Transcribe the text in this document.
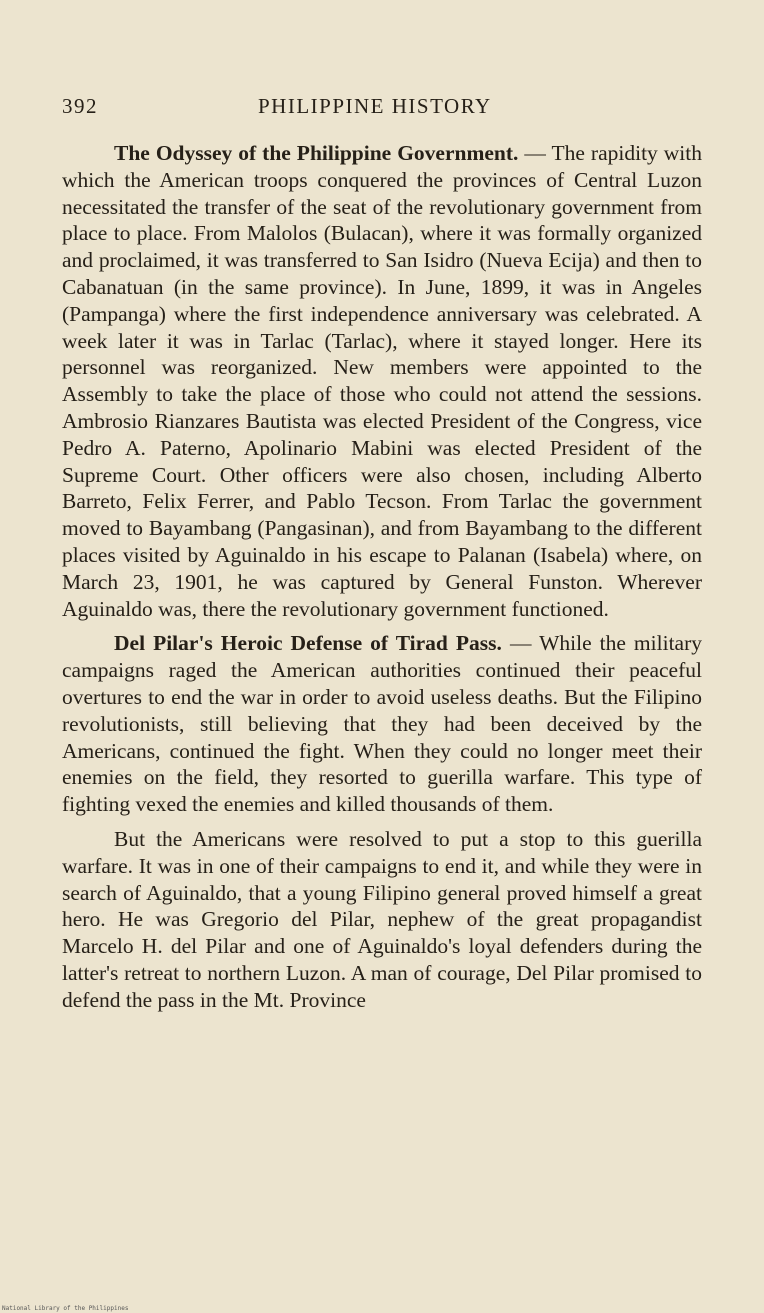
392	PHILIPPINE HISTORY

The Odyssey of the Philippine Government. — The rapidity with which the American troops conquered the provinces of Central Luzon necessitated the transfer of the seat of the revolutionary government from place to place. From Malolos (Bulacan), where it was formally organized and proclaimed, it was transferred to San Isidro (Nueva Ecija) and then to Cabanatuan (in the same province). In June, 1899, it was in Angeles (Pampanga) where the first independence anniversary was celebrated. A week later it was in Tarlac (Tarlac), where it stayed longer. Here its personnel was reorganized. New members were appointed to the Assembly to take the place of those who could not attend the sessions. Ambrosio Rianzares Bautista was elected President of the Congress, vice Pedro A. Paterno, Apolinario Mabini was elected President of the Supreme Court. Other officers were also chosen, including Alberto Barreto, Felix Ferrer, and Pablo Tecson. From Tarlac the government moved to Bayambang (Pangasinan), and from Bayambang to the different places visited by Aguinaldo in his escape to Palanan (Isabela) where, on March 23, 1901, he was captured by General Funston. Wherever Aguinaldo was, there the revolutionary government functioned.

Del Pilar's Heroic Defense of Tirad Pass. — While the military campaigns raged the American authorities continued their peaceful overtures to end the war in order to avoid useless deaths. But the Filipino revolutionists, still believing that they had been deceived by the Americans, continued the fight. When they could no longer meet their enemies on the field, they resorted to guerilla warfare. This type of fighting vexed the enemies and killed thousands of them.

But the Americans were resolved to put a stop to this guerilla warfare. It was in one of their campaigns to end it, and while they were in search of Aguinaldo, that a young Filipino general proved himself a great hero. He was Gregorio del Pilar, nephew of the great propagandist Marcelo H. del Pilar and one of Aguinaldo's loyal defenders during the latter's retreat to northern Luzon. A man of courage, Del Pilar promised to defend the pass in the Mt. Province

National Library of the Philippines
